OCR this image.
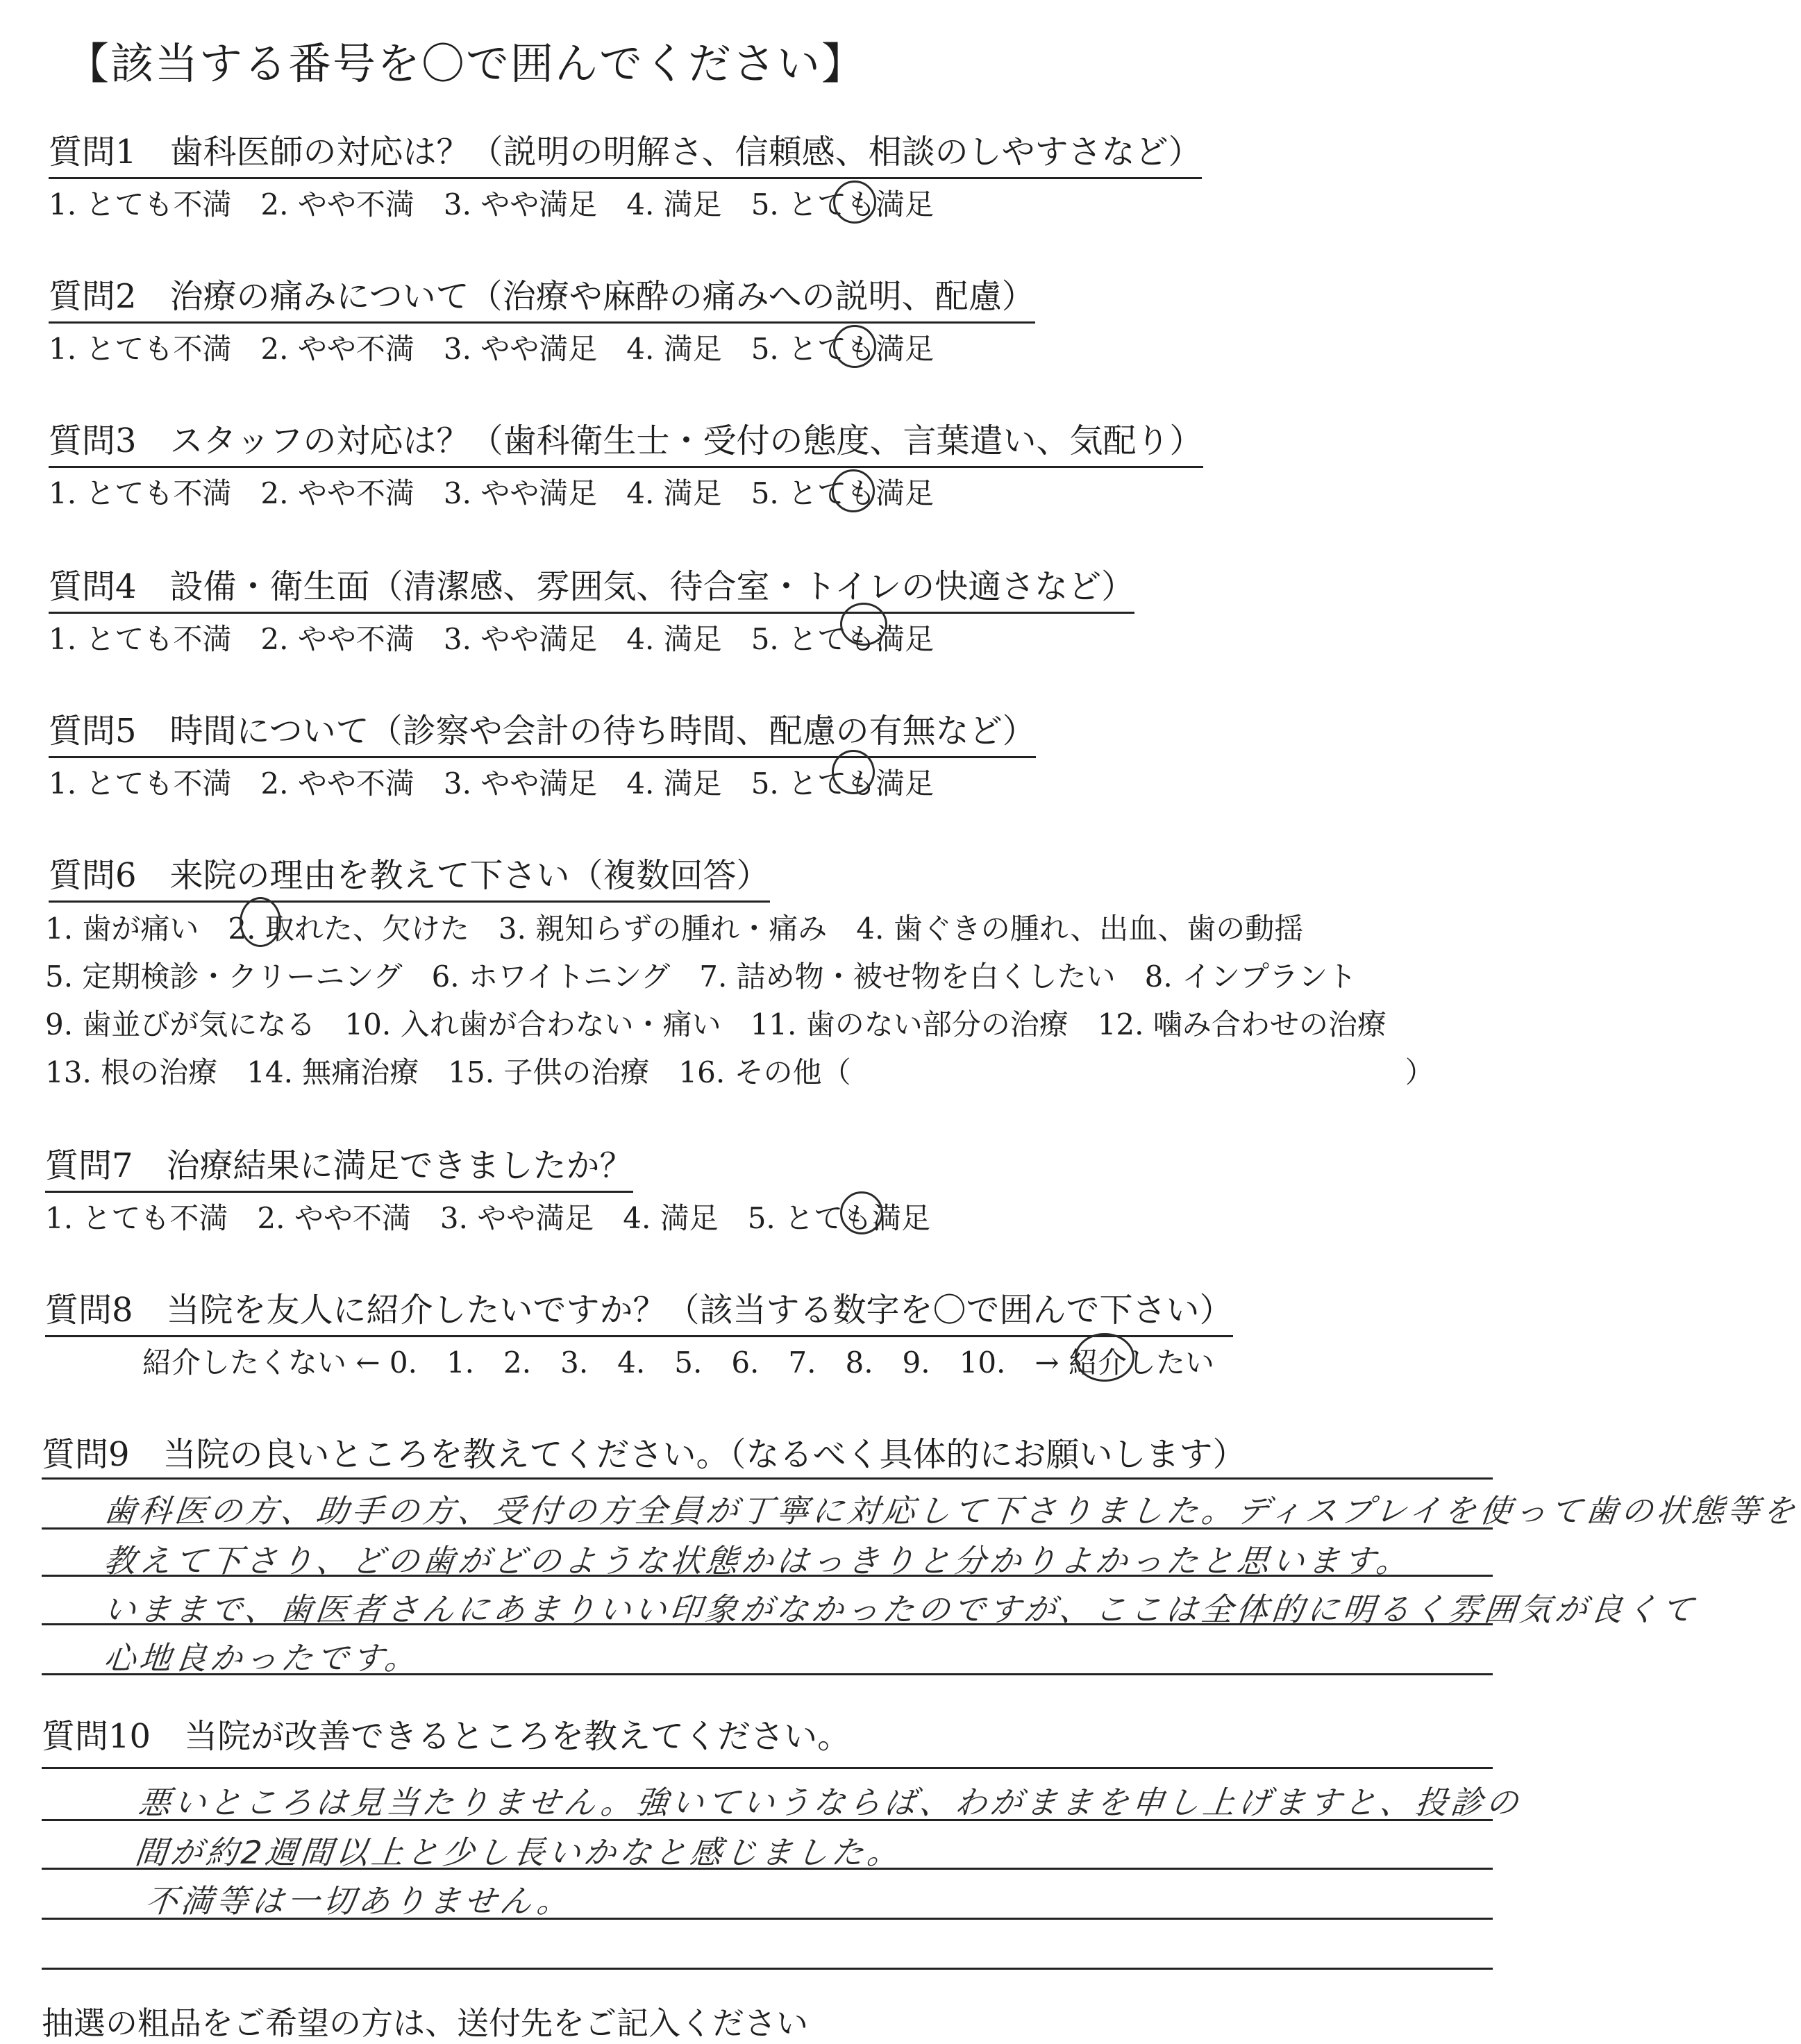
【該当する番号を〇で囲んでください】
質問1　歯科医師の対応は？（説明の明解さ、信頼感、相談のしやすさなど）
1. とても不満　2. やや不満　3. やや満足　4. 満足　5. とても満足
質問2　治療の痛みについて（治療や麻酔の痛みへの説明、配慮）
1. とても不満　2. やや不満　3. やや満足　4. 満足　5. とても満足
質問3　スタッフの対応は？（歯科衛生士・受付の態度、言葉遣い、気配り）
1. とても不満　2. やや不満　3. やや満足　4. 満足　5. とても満足
質問4　設備・衛生面（清潔感、雰囲気、待合室・トイレの快適さなど）
1. とても不満　2. やや不満　3. やや満足　4. 満足　5. とても満足
質問5　時間について（診察や会計の待ち時間、配慮の有無など）
1. とても不満　2. やや不満　3. やや満足　4. 満足　5. とても満足
質問6　来院の理由を教えて下さい（複数回答）
1. 歯が痛い　2. 取れた、欠けた　3. 親知らずの腫れ・痛み　4. 歯ぐきの腫れ、出血、歯の動揺
5. 定期検診・クリーニング　6. ホワイトニング　7. 詰め物・被せ物を白くしたい　8. インプラント
9. 歯並びが気になる　10. 入れ歯が合わない・痛い　11. 歯のない部分の治療　12. 噛み合わせの治療
13. 根の治療　14. 無痛治療　15. 子供の治療　16. その他（　　　　　　　　　　　　　　　　　　　）
質問7　治療結果に満足できましたか？
1. とても不満　2. やや不満　3. やや満足　4. 満足　5. とても満足
質問8　当院を友人に紹介したいですか？（該当する数字を〇で囲んで下さい）
紹介したくない ← 0.　1.　2.　3.　4.　5.　6.　7.　8.　9.　10.　→ 紹介したい
質問9　当院の良いところを教えてください。（なるべく具体的にお願いします）
歯科医の方、助手の方、受付の方全員が丁寧に対応して下さりました。ディスプレイを使って歯の状態等を
教えて下さり、どの歯がどのような状態かはっきりと分かりよかったと思います。
いままで、歯医者さんにあまりいい印象がなかったのですが、ここは全体的に明るく雰囲気が良くて
心地良かったです。
質問10　当院が改善できるところを教えてください。
悪いところは見当たりません。強いていうならば、わがままを申し上げますと、投診の
間が約2週間以上と少し長いかなと感じました。
不満等は一切ありません。
抽選の粗品をご希望の方は、送付先をご記入ください
